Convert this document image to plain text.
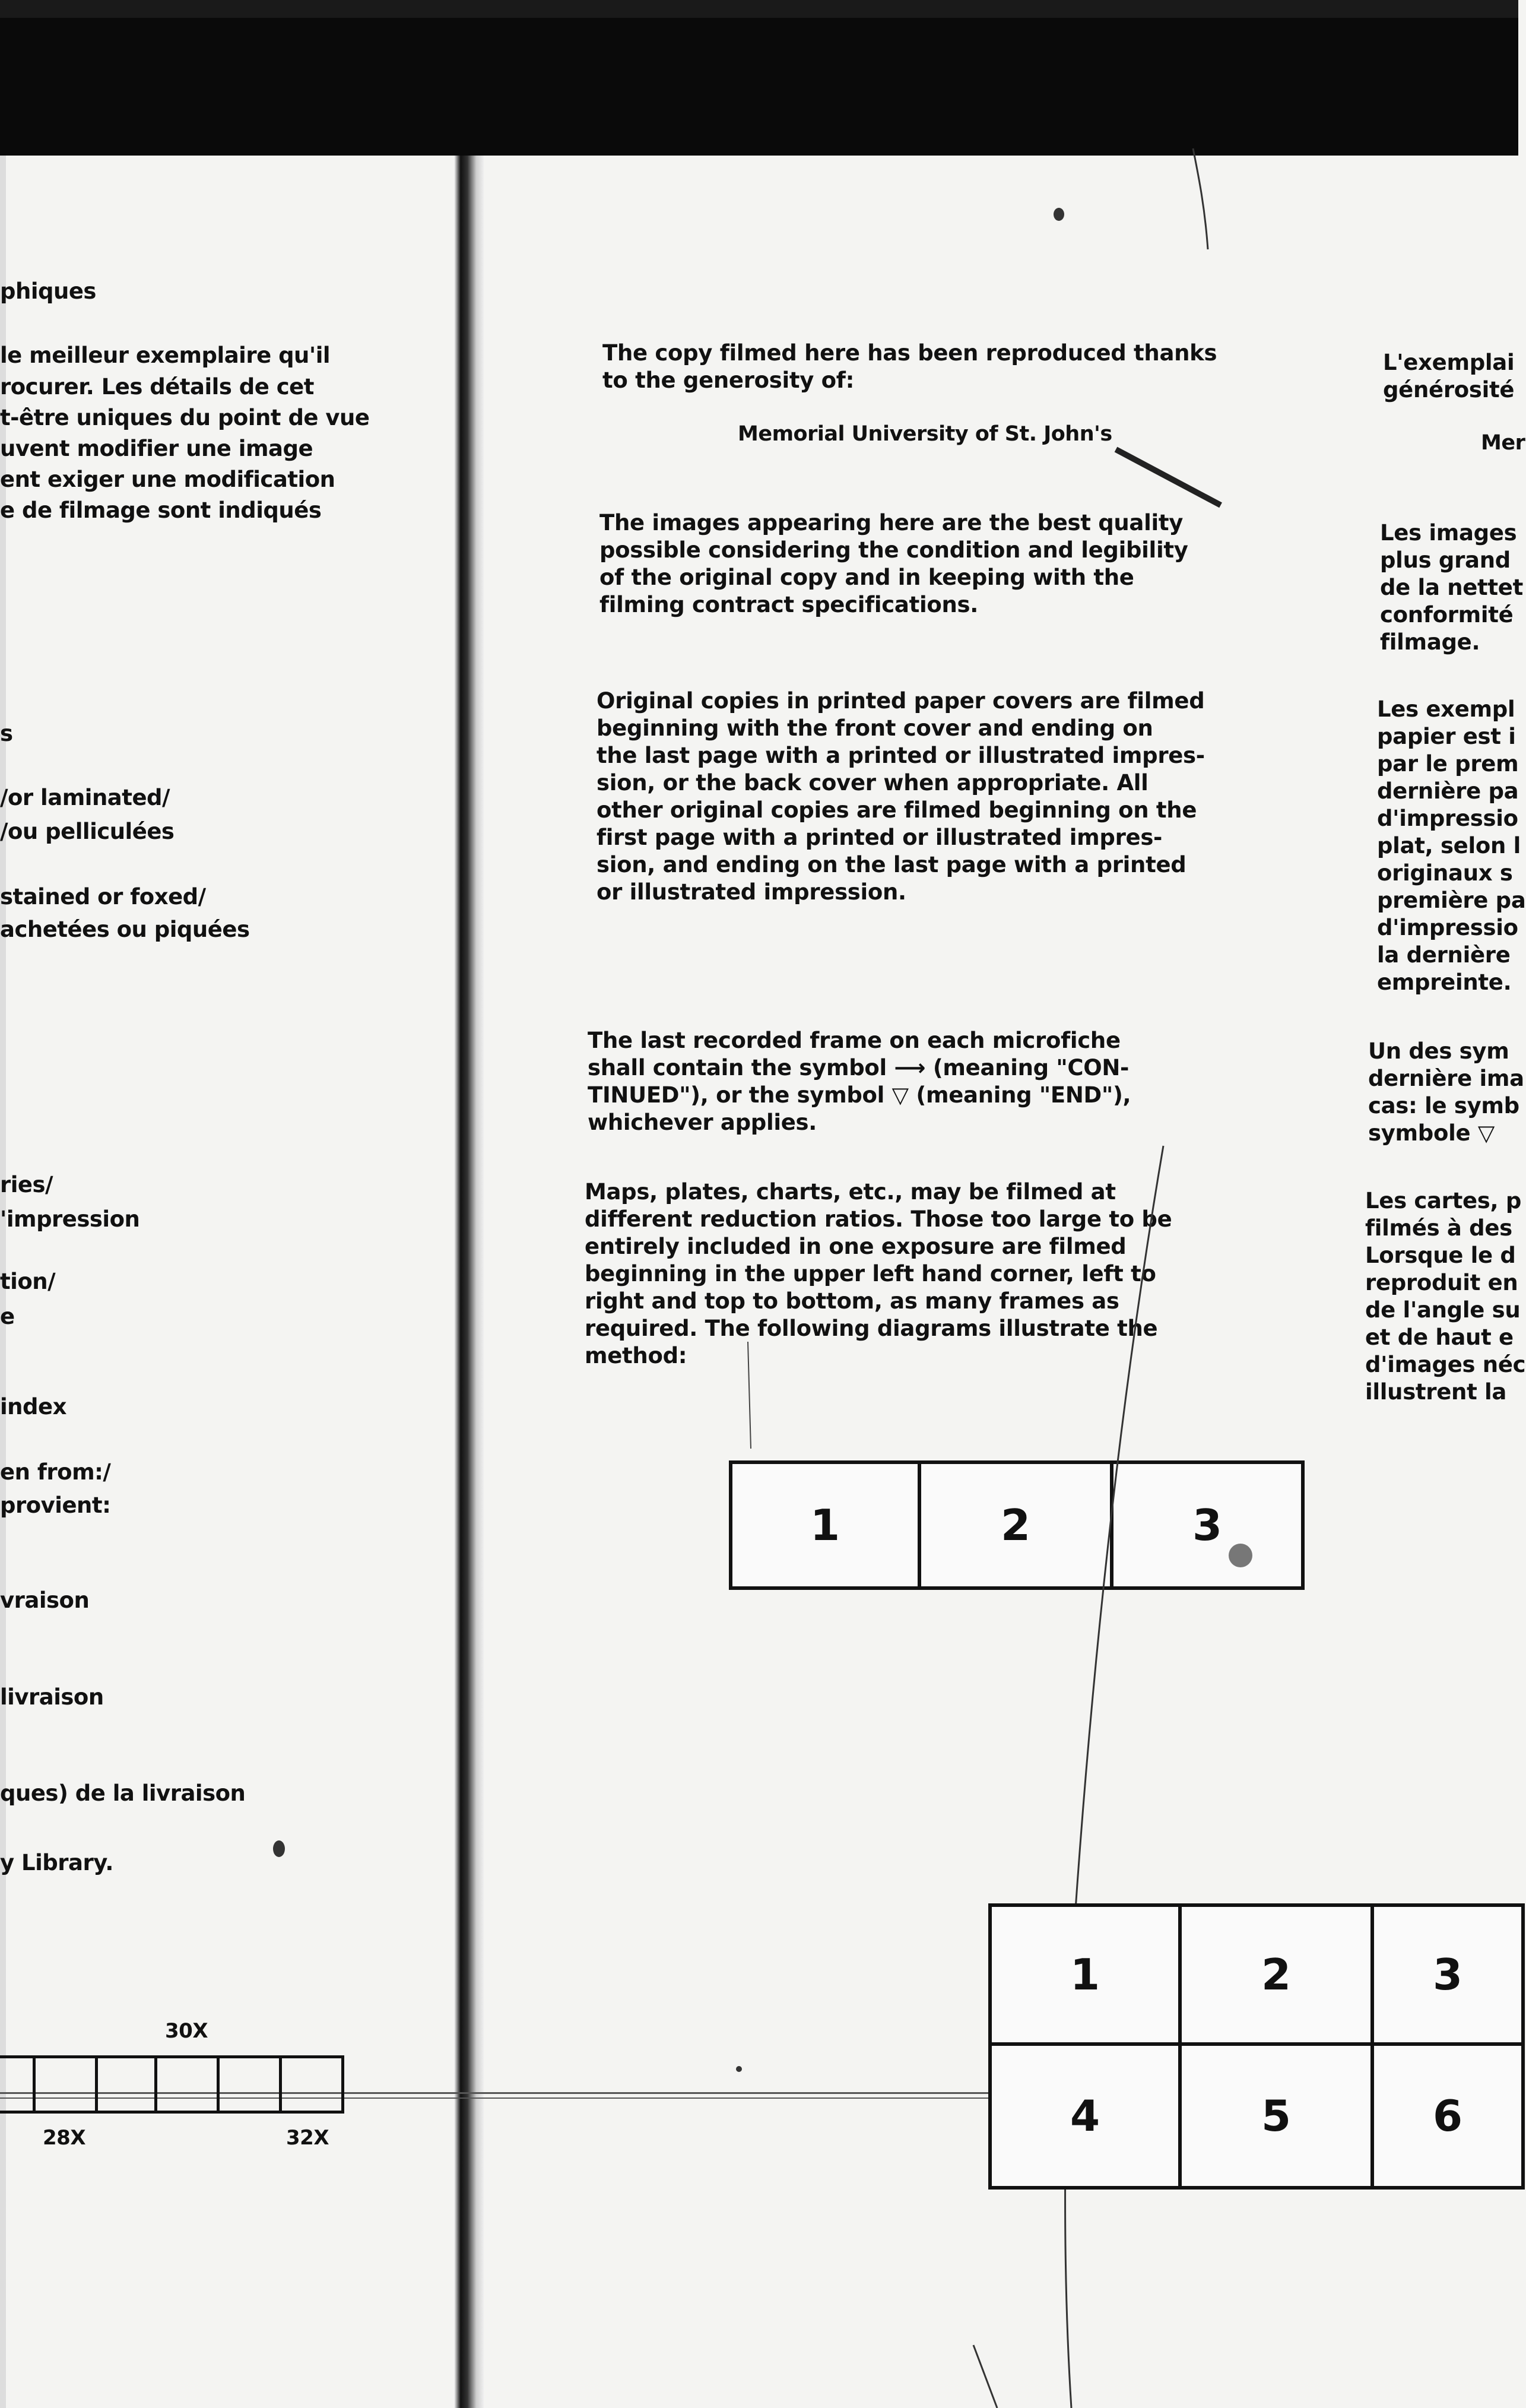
phiques
le meilleur exemplaire qu'il
rocurer. Les détails de cet
t-être uniques du point de vue
uvent modifier une image
ent exiger une modification
e de filmage sont indiqués
s
/or laminated/
/ou pelliculées
stained or foxed/
achetées ou piquées
ries/
'impression
tion/
e
index
en from:/
provient:
vraison
livraison
ques) de la livraison
y Library.
30X
28X	32X
The copy filmed here has been reproduced thanks
to the generosity of:
Memorial University of St. John's
The images appearing here are the best quality
possible considering the condition and legibility
of the original copy and in keeping with the
filming contract specifications.
Original copies in printed paper covers are filmed
beginning with the front cover and ending on
the last page with a printed or illustrated impres-
sion, or the back cover when appropriate. All
other original copies are filmed beginning on the
first page with a printed or illustrated impres-
sion, and ending on the last page with a printed
or illustrated impression.
The last recorded frame on each microfiche
shall contain the symbol ⟶ (meaning "CON-
TINUED"), or the symbol ▽ (meaning "END"),
whichever applies.
Maps, plates, charts, etc., may be filmed at
different reduction ratios. Those too large to be
entirely included in one exposure are filmed
beginning in the upper left hand corner, left to
right and top to bottom, as many frames as
required. The following diagrams illustrate the
method:
1	2	3
L'exemplai
générosité
Mer
Les images
plus grand
de la nettet
conformité
filmage.
Les exempl
papier est i
par le prem
dernière pa
d'impressio
plat, selon l
originaux s
première pa
d'impressio
la dernière
empreinte.
Un des sym
dernière ima
cas: le symb
symbole ▽
Les cartes, p
filmés à des
Lorsque le d
reproduit en
de l'angle su
et de haut e
d'images néc
illustrent la
1	2	3
4	5	6
